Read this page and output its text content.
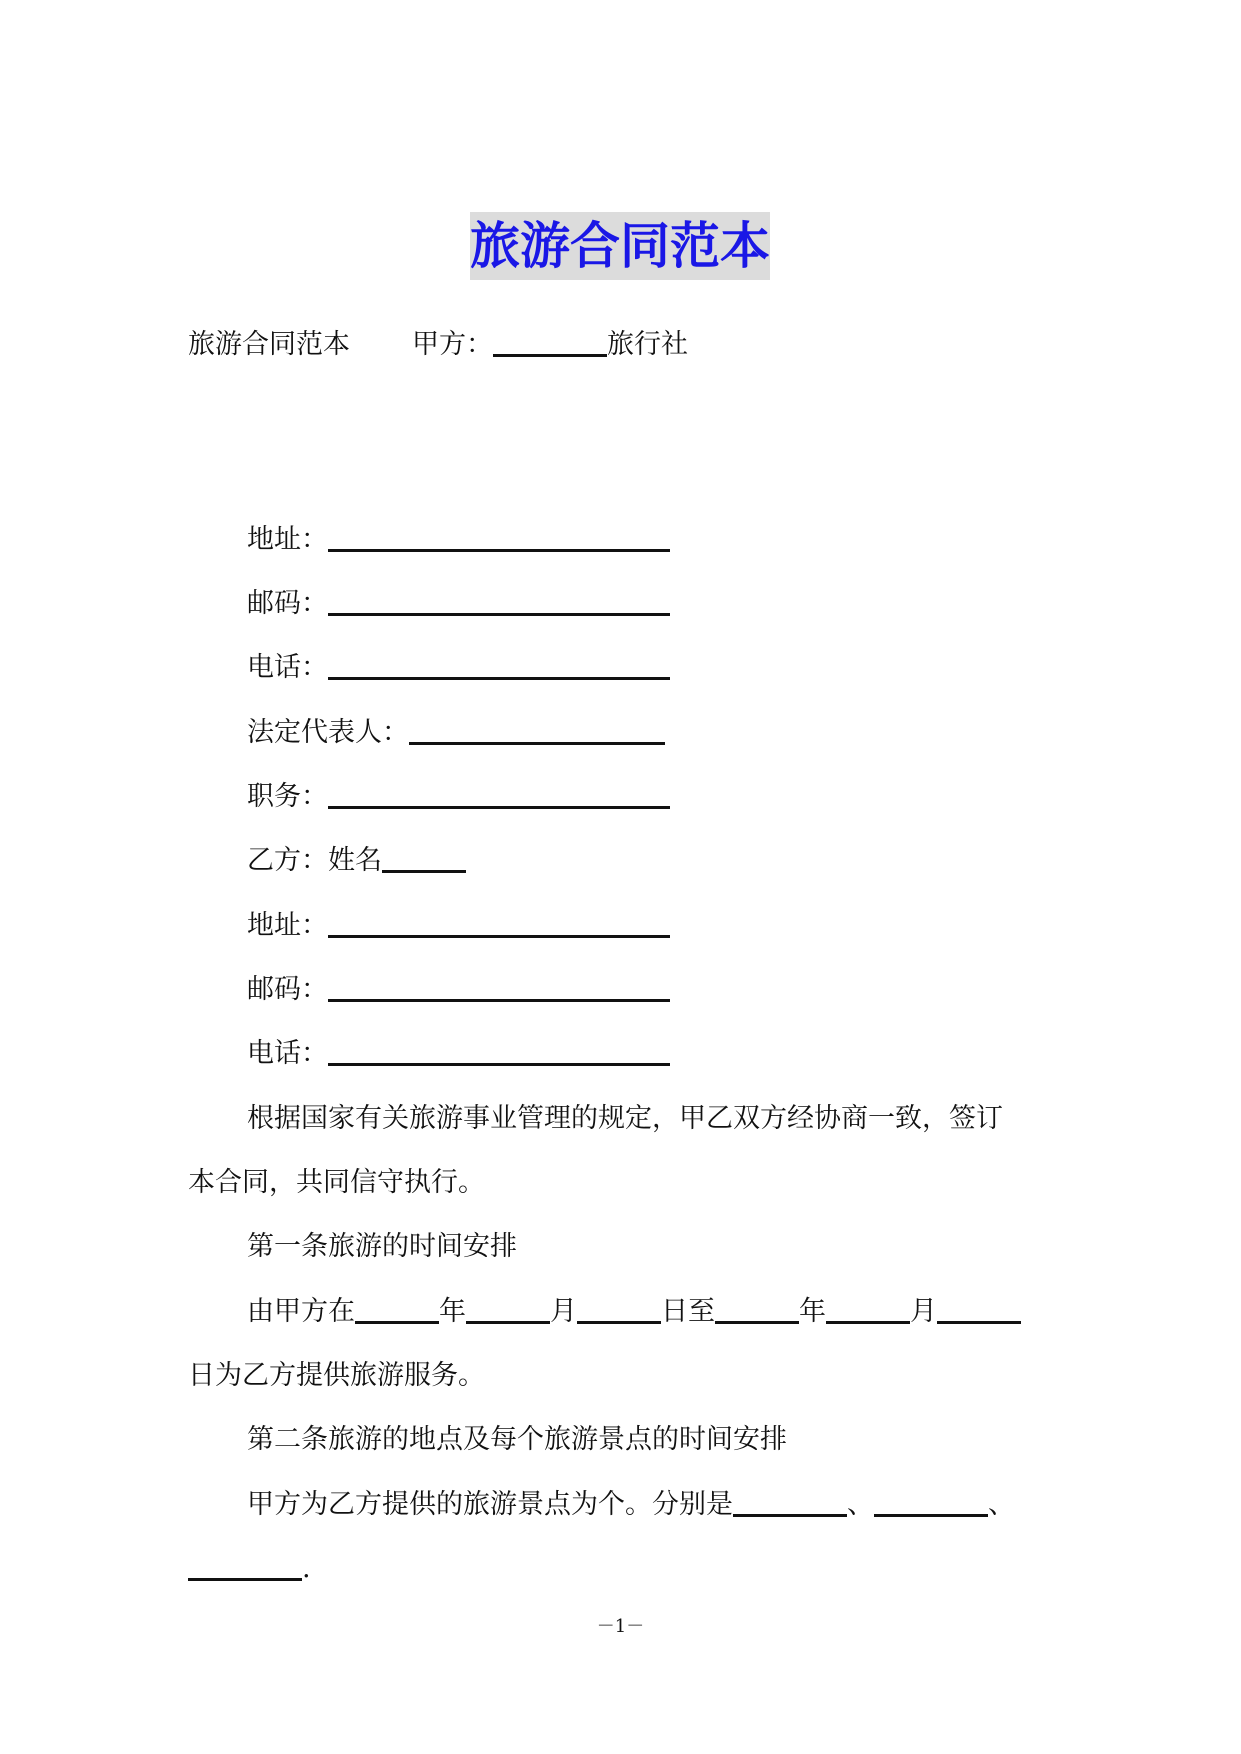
旅游合同范本
旅游合同范本 甲方：	旅行社
地址：
邮码：
电话：
法定代表人：
职务：
乙方：姓名
地址：
邮码：
电话：
根据国家有关旅游事业管理的规定，甲乙双方经协商一致，签订
本合同，共同信守执行。
第一条旅游的时间安排
由甲方在	年	月	日至	年	月
日为乙方提供旅游服务。
第二条旅游的地点及每个旅游景点的时间安排
甲方为乙方提供的旅游景点为个。分别是	、	、
.
－1－
